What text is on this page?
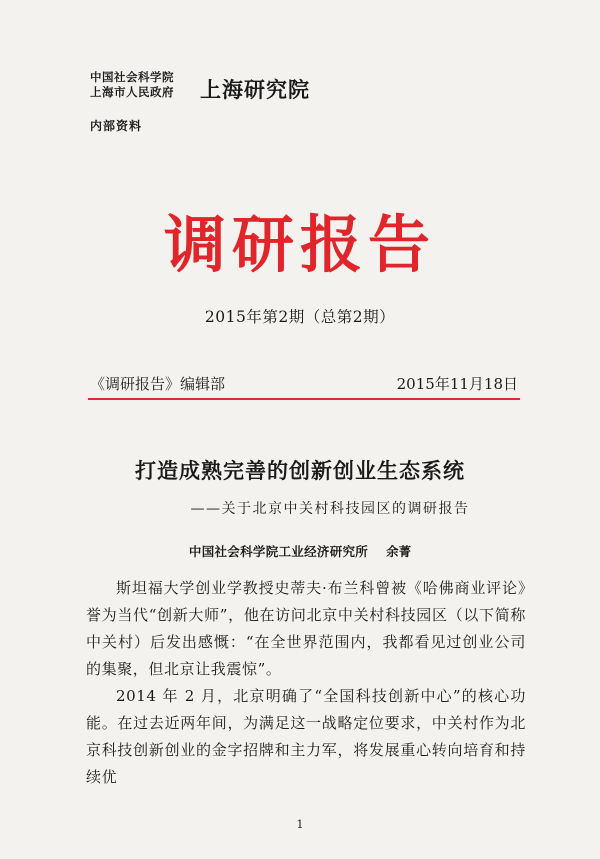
中国社会科学院
上海市人民政府 上海研究院
内部资料
调研报告
2015年第2期（总第2期）
《调研报告》编辑部	2015年11月18日
打造成熟完善的创新创业生态系统
——关于北京中关村科技园区的调研报告
中国社会科学院工业经济研究所 余菁

斯坦福大学创业学教授史蒂夫·布兰科曾被《哈佛商业评论》誉为当代“创新大师”，他在访问北京中关村科技园区（以下简称中关村）后发出感慨：“在全世界范围内，我都看见过创业公司的集聚，但北京让我震惊”。

2014 年 2 月，北京明确了“全国科技创新中心”的核心功能。在过去近两年间，为满足这一战略定位要求，中关村作为北京科技创新创业的金字招牌和主力军，将发展重心转向培育和持续优

1
